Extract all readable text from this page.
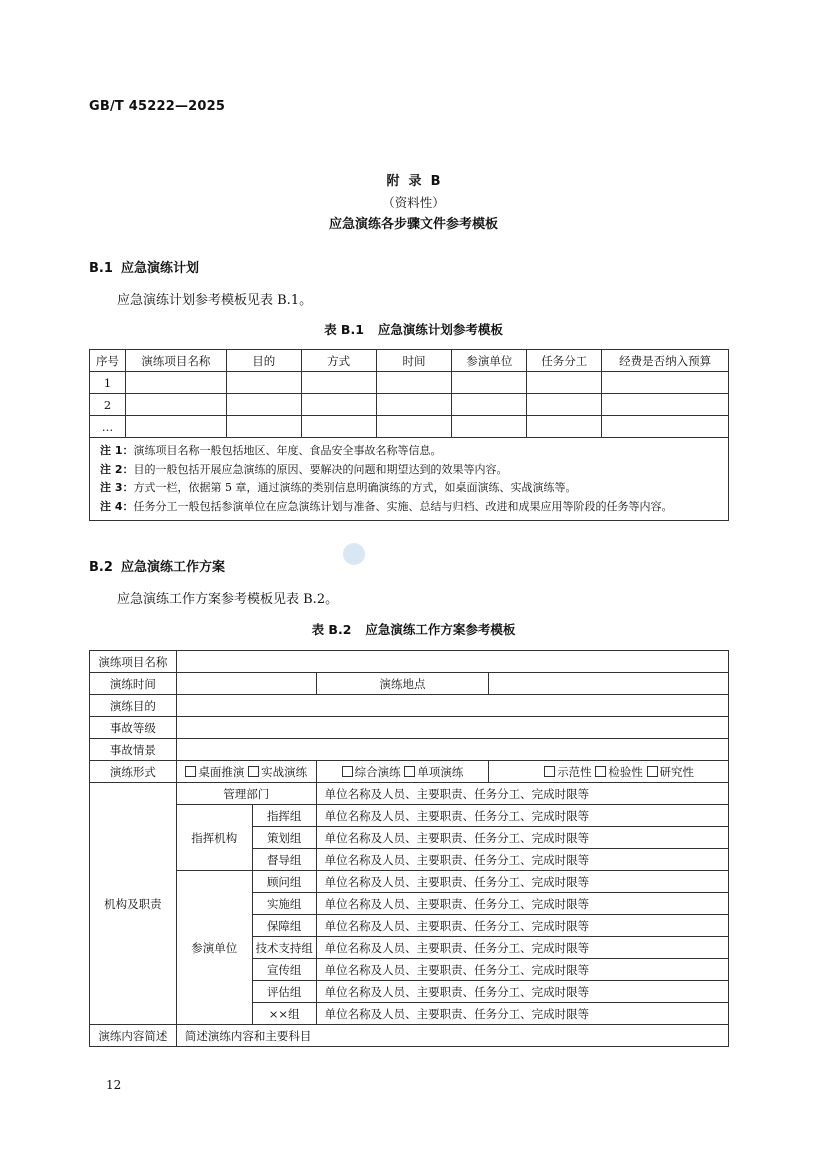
GB/T 45222—2025
附  录  B
（资料性）
应急演练各步骤文件参考模板
B.1 应急演练计划
应急演练计划参考模板见表 B.1。
表 B.1 应急演练计划参考模板
序号	演练项目名称	目的	方式	时间	参演单位	任务分工	经费是否纳入预算
1							
2							
…							

注 1：演练项目名称一般包括地区、年度、食品安全事故名称等信息。
注 2：目的一般包括开展应急演练的原因、要解决的问题和期望达到的效果等内容。
注 3：方式一栏，依据第 5 章，通过演练的类别信息明确演练的方式，如桌面演练、实战演练等。
注 4：任务分工一般包括参演单位在应急演练计划与准备、实施、总结与归档、改进和成果应用等阶段的任务等内容。							
B.2 应急演练工作方案
应急演练工作方案参考模板见表 B.2。
表 B.2 应急演练工作方案参考模板
演练项目名称				
演练时间			演练地点	
演练目的				
事故等级				
事故情景				
演练形式	桌面推演 实战演练		综合演练 单项演练	示范性 检验性 研究性
机构及职责	管理部门		单位名称及人员、主要职责、任务分工、完成时限等	
	指挥机构	指挥组	单位名称及人员、主要职责、任务分工、完成时限等	
		策划组	单位名称及人员、主要职责、任务分工、完成时限等	
		督导组	单位名称及人员、主要职责、任务分工、完成时限等	
	参演单位	顾问组	单位名称及人员、主要职责、任务分工、完成时限等	
		实施组	单位名称及人员、主要职责、任务分工、完成时限等	
		保障组	单位名称及人员、主要职责、任务分工、完成时限等	
		技术支持组	单位名称及人员、主要职责、任务分工、完成时限等	
		宣传组	单位名称及人员、主要职责、任务分工、完成时限等	
		评估组	单位名称及人员、主要职责、任务分工、完成时限等	
		××组	单位名称及人员、主要职责、任务分工、完成时限等	
演练内容简述	简述演练内容和主要科目			
12
